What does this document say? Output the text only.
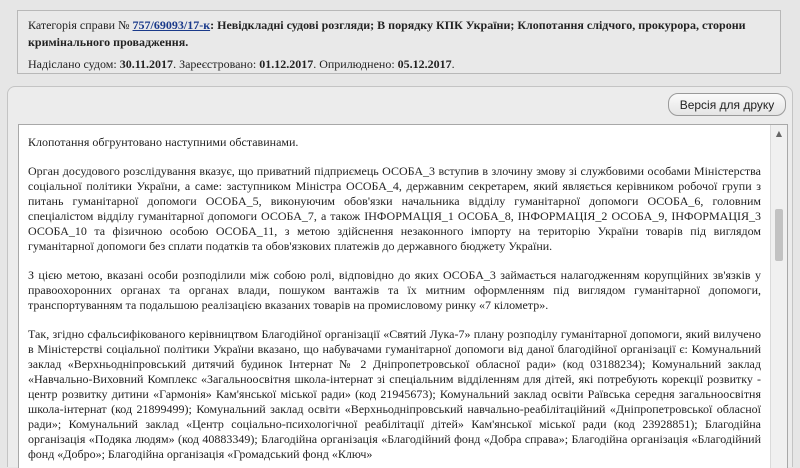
Категорія справи № 757/69093/17-к: Невідкладні судові розгляди; В порядку КПК України; Клопотання слідчого, прокурора, сторони кримінального провадження.

Надіслано судом: 30.11.2017. Зареєстровано: 01.12.2017. Оприлюднено: 05.12.2017.

Версія для друку

Клопотання обгрунтовано наступними обставинами.

Орган досудового розслідування вказує, що приватний підприємець ОСОБА_3 вступив в злочину змову зі службовими особами Міністерства соціальної політики України, а саме: заступником Міністра ОСОБА_4, державним секретарем, який являється керівником робочої групи з питань гуманітарної допомоги ОСОБА_5, виконуючим обов'язки начальника відділу гуманітарної допомоги ОСОБА_6, головним спеціалістом відділу гуманітарної допомоги ОСОБА_7, а також ІНФОРМАЦІЯ_1 ОСОБА_8, ІНФОРМАЦІЯ_2 ОСОБА_9, ІНФОРМАЦІЯ_3 ОСОБА_10 та фізичною особою ОСОБА_11, з метою здійснення незаконного імпорту на територію України товарів під виглядом гуманітарної допомоги без сплати податків та обов'язкових платежів до державного бюджету України.

З цією метою, вказані особи розподілили між собою ролі, відповідно до яких ОСОБА_3 займається налагодженням корупційних зв'язків у правоохоронних органах та органах влади, пошуком вантажів та їх митним оформленням під виглядом гуманітарної допомоги, транспортуванням та подальшою реалізацією вказаних товарів на промисловому ринку «7 кілометр».

Так, згідно сфальсифікованого керівництвом Благодійної організації «Святий Лука-7» плану розподілу гуманітарної допомоги, який вилучено в Міністерстві соціальної політики України вказано, що набувачами гуманітарної допомоги від даної благодійної організації є: Комунальний заклад «Верхньодніпровський дитячий будинок Інтернат № 2 Дніпропетровської обласної ради» (код 03188234); Комунальний заклад «Навчально-Виховний Комплекс «Загальноосвітня школа-інтернат зі спеціальним відділенням для дітей, які потребують корекції розвитку - центр розвитку дитини «Гармонія» Кам'янської міської ради» (код 21945673); Комунальний заклад освіти Раївська середня загальноосвітня школа-інтернат (код 21899499); Комунальний заклад освіти «Верхньодніпровський навчально-реабілітаційний «Дніпропетровської обласної ради»; Комунальний заклад «Центр соціально-психологічної реабілітації дітей» Кам'янської міської ради (код 23928851); Благодійна організація «Подяка людям» (код 40883349); Благодійна організація «Благодійний фонд «Добра справа»; Благодійна організація «Благодійний фонд «Добро»; Благодійна організація «Громадський фонд «Ключ»

▲
